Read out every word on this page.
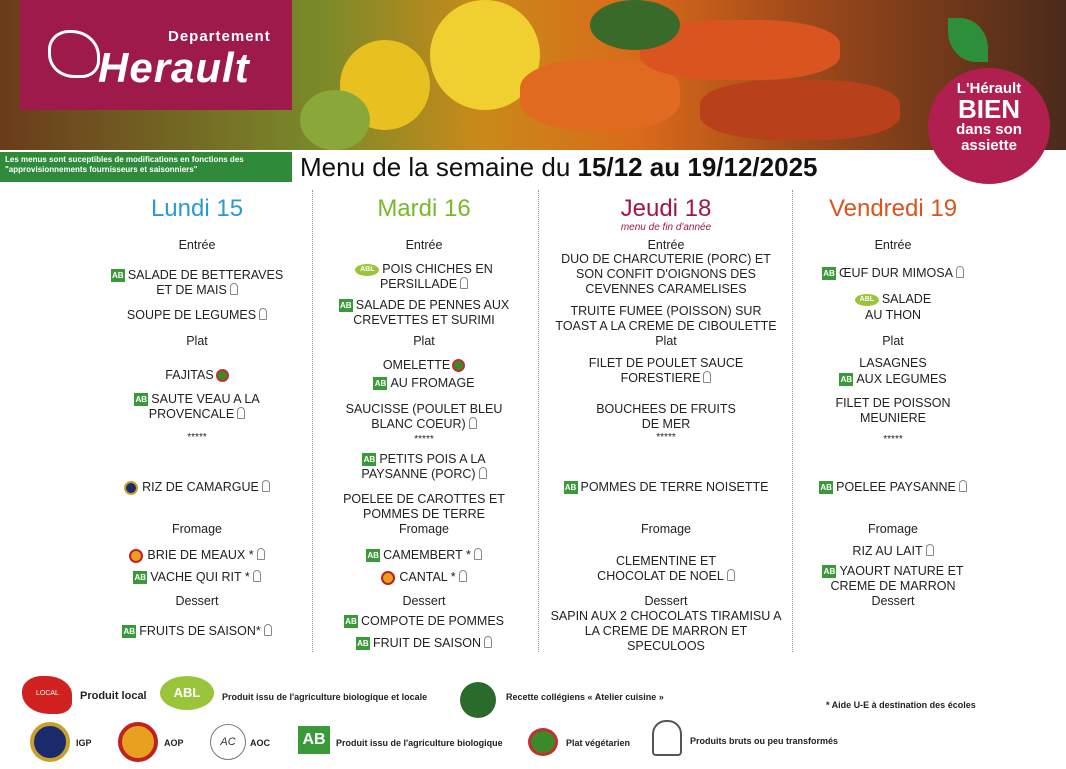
Departement
Herault	L'Hérault
BIEN
dans son
assiette
Les menus sont suceptibles de modifications en fonctions des "approvisionnements fournisseurs et saisonniers"	Menu de la semaine du 15/12 au 19/12/2025
Lundi 15
Entrée
AB SALADE DE BETTERAVES ET DE MAIS
SOUPE DE LEGUMES
Plat
FAJITAS
AB SAUTE VEAU A LA PROVENCALE
*****
RIZ DE CAMARGUE
Fromage
BRIE DE MEAUX *
AB VACHE QUI RIT *
Dessert
AB FRUITS DE SAISON*
Mardi 16
Entrée
ABL POIS CHICHES EN PERSILLADE
AB SALADE DE PENNES AUX CREVETTES ET SURIMI
Plat
OMELETTE
AB AU FROMAGE
SAUCISSE (POULET BLEU BLANC COEUR)
*****
AB PETITS POIS A LA PAYSANNE (PORC)
POELEE DE CAROTTES ET POMMES DE TERRE
Fromage
AB CAMEMBERT *
CANTAL *
Dessert
AB COMPOTE DE POMMES
AB FRUIT DE SAISON
Jeudi 18
menu de fin d'année
Entrée
DUO DE CHARCUTERIE (PORC) ET SON CONFIT D'OIGNONS DES CEVENNES CARAMELISES
TRUITE FUMEE (POISSON) SUR TOAST A LA CREME DE CIBOULETTE
Plat
FILET DE POULET SAUCE FORESTIERE
BOUCHEES DE FRUITS DE MER
*****
AB POMMES DE TERRE NOISETTE
Fromage
CLEMENTINE ET CHOCOLAT DE NOEL
Dessert
SAPIN AUX 2 CHOCOLATS TIRAMISU A LA CREME DE MARRON ET SPECULOOS
Vendredi 19
Entrée
AB ŒUF DUR MIMOSA
ABL SALADE
AU THON
Plat
LASAGNES
AB AUX LEGUMES
FILET DE POISSON MEUNIERE
*****
AB POELEE PAYSANNE
Fromage
RIZ AU LAIT
AB YAOURT NATURE ET CREME DE MARRON
Dessert
LOCAL Produit local	ABL	Produit issu de l'agriculture biologique et locale	Recette collégiens « Atelier cuisine »
* Aide U-E à destination des écoles
IGP	AOP	AC	AOC AB	Produit issu de l'agriculture biologique	Plat végétarien	Produits bruts ou peu transformés
